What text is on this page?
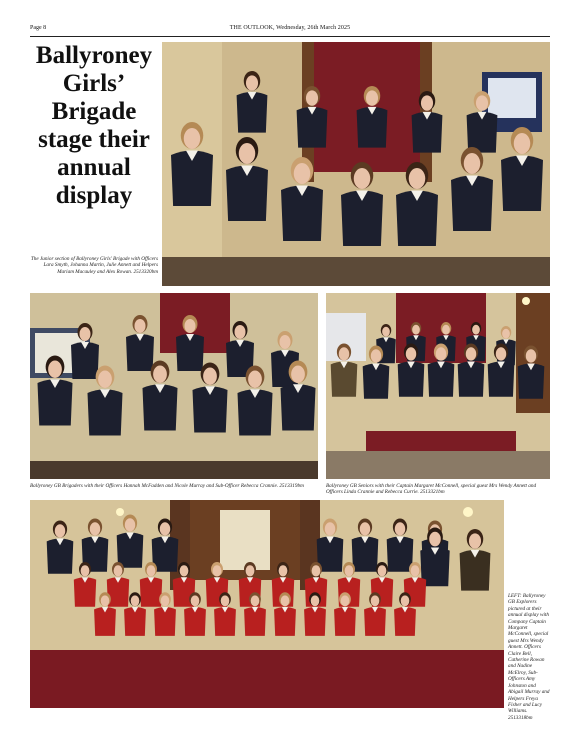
Page 8	THE OUTLOOK, Wednesday, 26th March 2025
Ballyroney Girls’ Brigade stage their annual display
The Junior section of Ballyroney Girls' Brigade with Officers Lara Smyth, Johanna Martin, Julie Annett and Helpers Mariam Macauley and Alex Rowan. 2513320bm
Ballyroney GB Brigaders with their Officers Hannah McFadden and Nicole Murray and Sub-Officer Rebecca Crannie. 2513319bm	Ballyroney GB Seniors with their Captain Margaret McConnell, special guest Mrs Wendy Annett and Officers Linda Crannie and Rebecca Currie. 2513321bm
LEFT: Ballyroney GB Explorers pictured at their annual display with Company Captain Margaret McConnell, special guest Mrs Wendy Annett. Officers Claire Bell, Catherine Rowan and Nadine McElroy, Sub-Officers Amy Johnston and Abigail Murray and Helpers Freya Fisher and Lucy Williams. 2513318bm
